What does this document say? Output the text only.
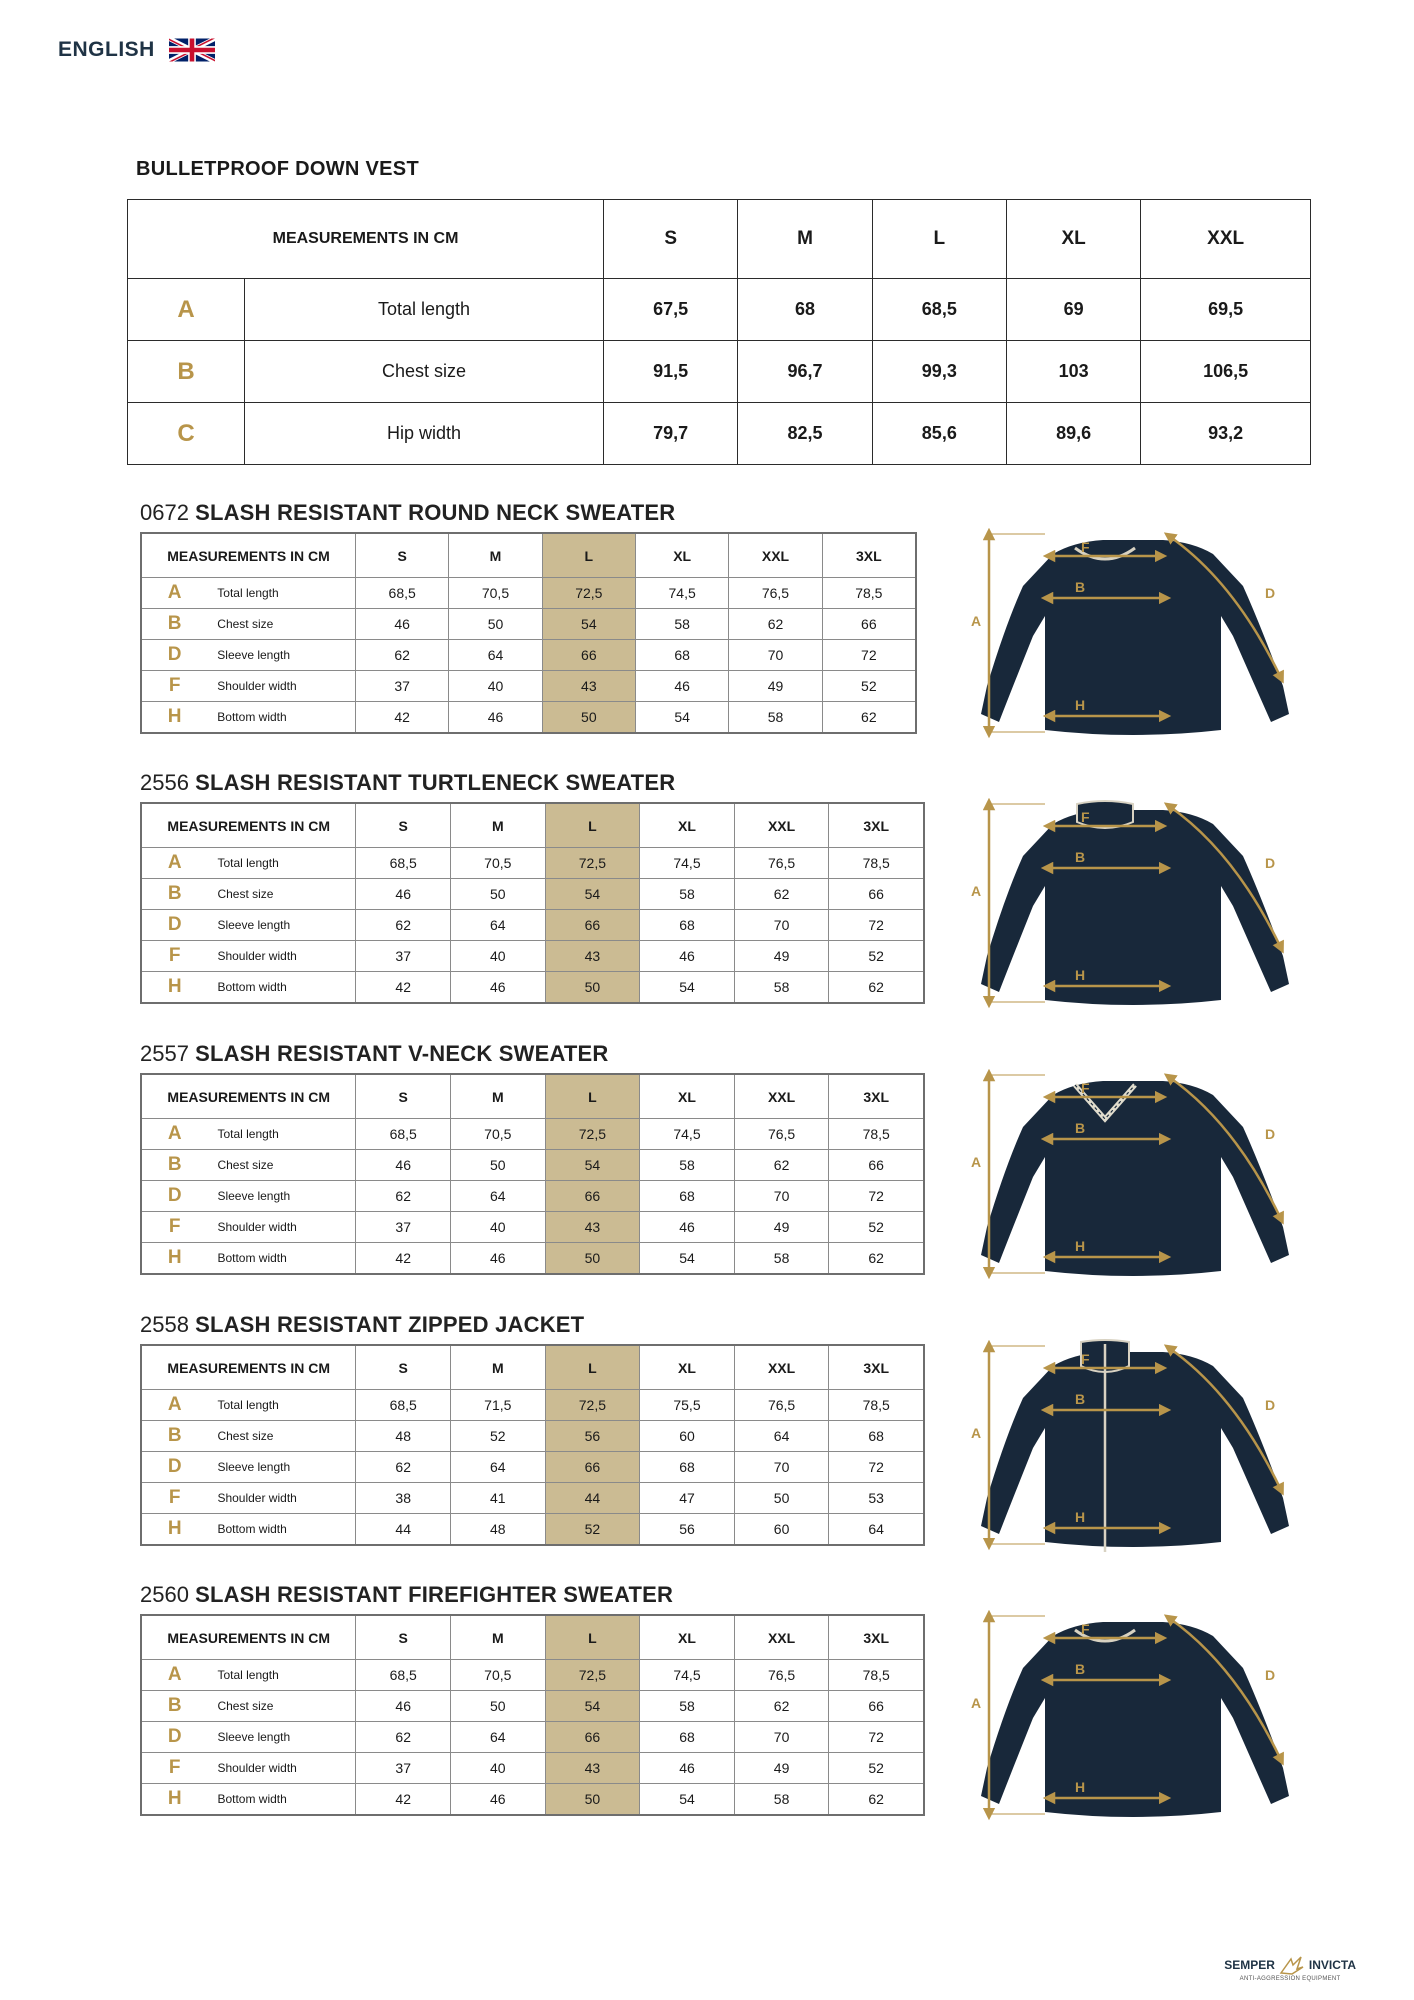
ENGLISH
BULLETPROOF DOWN VEST
MEASUREMENTS IN CM		S	M	L	XL	XXL
A	Total length	67,5	68	68,5	69	69,5
B	Chest size	91,5	96,7	99,3	103	106,5
C	Hip width	79,7	82,5	85,6	89,6	93,2
0672 SLASH RESISTANT ROUND NECK SWEATER
MEASUREMENTS IN CM		S	M	L	XL	XXL	3XL
A	Total length	68,5	70,5	72,5	74,5	76,5	78,5
B	Chest size	46	50	54	58	62	66
D	Sleeve length	62	64	66	68	70	72
F	Shoulder width	37	40	43	46	49	52
H	Bottom width	42	46	50	54	58	62
F
B
H
A
D
2556 SLASH RESISTANT TURTLENECK SWEATER
MEASUREMENTS IN CM		S	M	L	XL	XXL	3XL
A	Total length	68,5	70,5	72,5	74,5	76,5	78,5
B	Chest size	46	50	54	58	62	66
D	Sleeve length	62	64	66	68	70	72
F	Shoulder width	37	40	43	46	49	52
H	Bottom width	42	46	50	54	58	62
F
B
H
A
D
2557 SLASH RESISTANT V-NECK SWEATER
MEASUREMENTS IN CM		S	M	L	XL	XXL	3XL
A	Total length	68,5	70,5	72,5	74,5	76,5	78,5
B	Chest size	46	50	54	58	62	66
D	Sleeve length	62	64	66	68	70	72
F	Shoulder width	37	40	43	46	49	52
H	Bottom width	42	46	50	54	58	62
F
B
H
A
D
2558 SLASH RESISTANT ZIPPED JACKET
MEASUREMENTS IN CM		S	M	L	XL	XXL	3XL
A	Total length	68,5	71,5	72,5	75,5	76,5	78,5
B	Chest size	48	52	56	60	64	68
D	Sleeve length	62	64	66	68	70	72
F	Shoulder width	38	41	44	47	50	53
H	Bottom width	44	48	52	56	60	64
F
B
H
A
D
2560 SLASH RESISTANT FIREFIGHTER SWEATER
MEASUREMENTS IN CM		S	M	L	XL	XXL	3XL
A	Total length	68,5	70,5	72,5	74,5	76,5	78,5
B	Chest size	46	50	54	58	62	66
D	Sleeve length	62	64	66	68	70	72
F	Shoulder width	37	40	43	46	49	52
H	Bottom width	42	46	50	54	58	62
F
B
H
A
D
SEMPER	INVICTA
ANTI-AGGRESSION EQUIPMENT
